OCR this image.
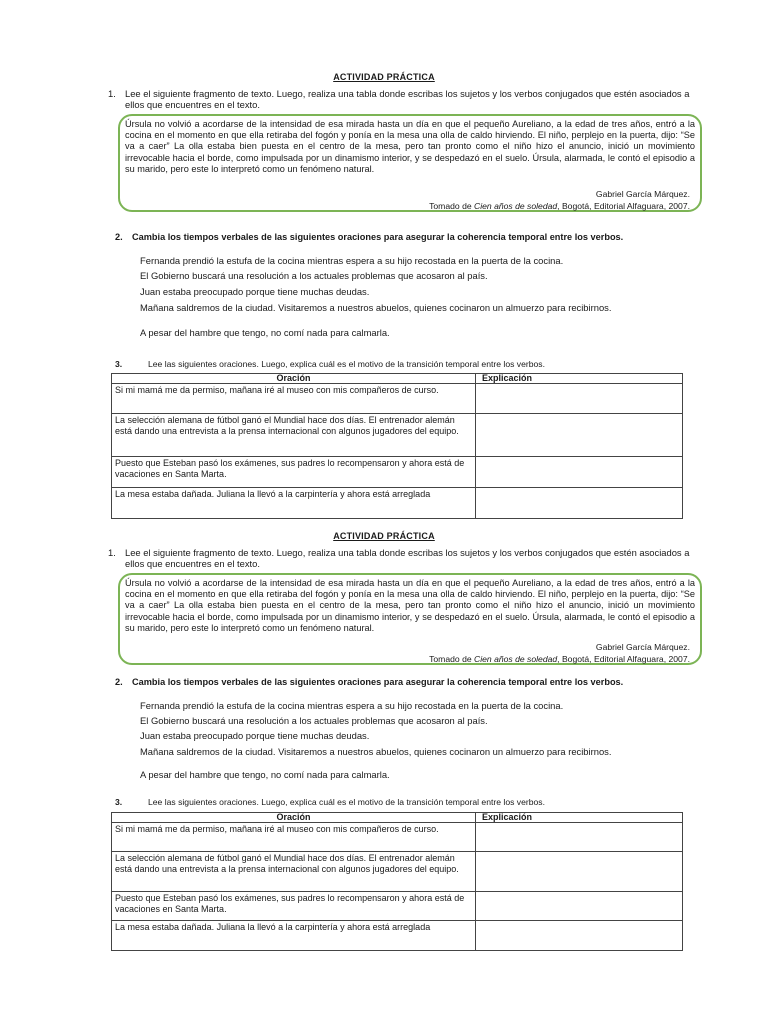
ACTIVIDAD PRÁCTICA
1. Lee el siguiente fragmento de texto. Luego, realiza una tabla donde escribas los sujetos y los verbos conjugados que estén asociados a ellos que encuentres en el texto.
Úrsula no volvió a acordarse de la intensidad de esa mirada hasta un día en que el pequeño Aureliano, a la edad de tres años, entró a la cocina en el momento en que ella retiraba del fogón y ponía en la mesa una olla de caldo hirviendo. El niño, perplejo en la puerta, dijo: “Se va a caer” La olla estaba bien puesta en el centro de la mesa, pero tan pronto como el niño hizo el anuncio, inició un movimiento irrevocable hacia el borde, como impulsada por un dinamismo interior, y se despedazó en el suelo. Úrsula, alarmada, le contó el episodio a su marido, pero este lo interpretó como un fenómeno natural.
Gabriel García Márquez.
Tomado de Cien años de soledad, Bogotá, Editorial Alfaguara, 2007.
2. Cambia los tiempos verbales de las siguientes oraciones para asegurar la coherencia temporal entre los verbos.
Fernanda prendió la estufa de la cocina mientras espera a su hijo recostada en la puerta de la cocina.
El Gobierno buscará una resolución a los actuales problemas que acosaron al país.
Juan estaba preocupado porque tiene muchas deudas.
Mañana saldremos de la ciudad. Visitaremos a nuestros abuelos, quienes cocinaron un almuerzo para recibirnos.
A pesar del hambre que tengo, no comí nada para calmarla.
3.	Lee las siguientes oraciones. Luego, explica cuál es el motivo de la transición temporal entre los verbos.
Oración	Explicación
Si mi mamá me da permiso, mañana iré al museo con mis compañeros de curso.	
La selección alemana de fútbol ganó el Mundial hace dos días. El entrenador alemán está dando una entrevista a la prensa internacional con algunos jugadores del equipo.	
Puesto que Esteban pasó los exámenes, sus padres lo recompensaron y ahora está de vacaciones en Santa Marta.	
La mesa estaba dañada. Juliana la llevó a la carpintería y ahora está arreglada	
ACTIVIDAD PRÁCTICA
1. Lee el siguiente fragmento de texto. Luego, realiza una tabla donde escribas los sujetos y los verbos conjugados que estén asociados a ellos que encuentres en el texto.
Úrsula no volvió a acordarse de la intensidad de esa mirada hasta un día en que el pequeño Aureliano, a la edad de tres años, entró a la cocina en el momento en que ella retiraba del fogón y ponía en la mesa una olla de caldo hirviendo. El niño, perplejo en la puerta, dijo: “Se va a caer” La olla estaba bien puesta en el centro de la mesa, pero tan pronto como el niño hizo el anuncio, inició un movimiento irrevocable hacia el borde, como impulsada por un dinamismo interior, y se despedazó en el suelo. Úrsula, alarmada, le contó el episodio a su marido, pero este lo interpretó como un fenómeno natural.
Gabriel García Márquez.
Tomado de Cien años de soledad, Bogotá, Editorial Alfaguara, 2007.
2. Cambia los tiempos verbales de las siguientes oraciones para asegurar la coherencia temporal entre los verbos.
Fernanda prendió la estufa de la cocina mientras espera a su hijo recostada en la puerta de la cocina.
El Gobierno buscará una resolución a los actuales problemas que acosaron al país.
Juan estaba preocupado porque tiene muchas deudas.
Mañana saldremos de la ciudad. Visitaremos a nuestros abuelos, quienes cocinaron un almuerzo para recibirnos.
A pesar del hambre que tengo, no comí nada para calmarla.
3.	Lee las siguientes oraciones. Luego, explica cuál es el motivo de la transición temporal entre los verbos.
Oración	Explicación
Si mi mamá me da permiso, mañana iré al museo con mis compañeros de curso.	
La selección alemana de fútbol ganó el Mundial hace dos días. El entrenador alemán está dando una entrevista a la prensa internacional con algunos jugadores del equipo.	
Puesto que Esteban pasó los exámenes, sus padres lo recompensaron y ahora está de vacaciones en Santa Marta.	
La mesa estaba dañada. Juliana la llevó a la carpintería y ahora está arreglada	
